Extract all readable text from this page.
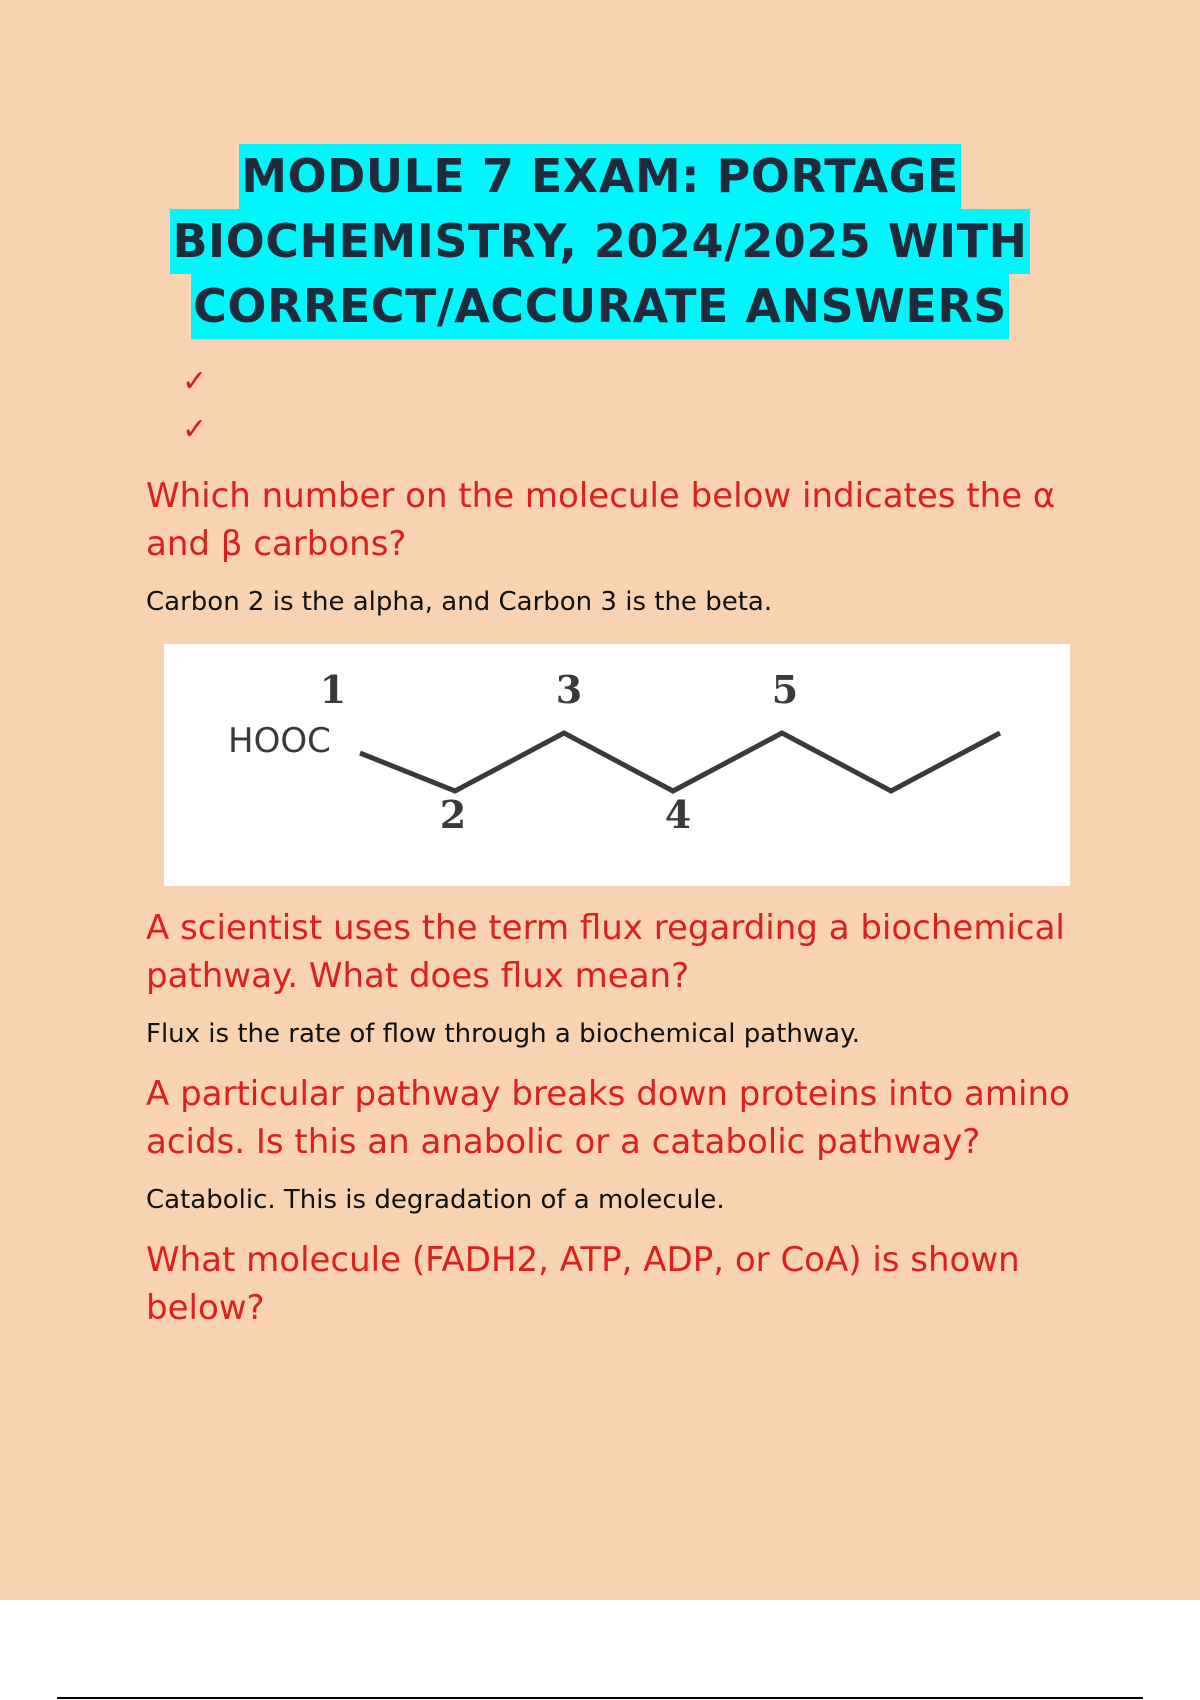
MODULE 7 EXAM: PORTAGE
BIOCHEMISTRY, 2024/2025 WITH
CORRECT/ACCURATE ANSWERS
✓
✓

Which number on the molecule below indicates the α and β carbons?

Carbon 2 is the alpha, and Carbon 3 is the beta.

HOOC
1
2
3
4
5

A scientist uses the term flux regarding a biochemical pathway. What does flux mean?

Flux is the rate of flow through a biochemical pathway.

A particular pathway breaks down proteins into amino acids. Is this an anabolic or a catabolic pathway?

Catabolic. This is degradation of a molecule.

What molecule (FADH2, ATP, ADP, or CoA) is shown below?
